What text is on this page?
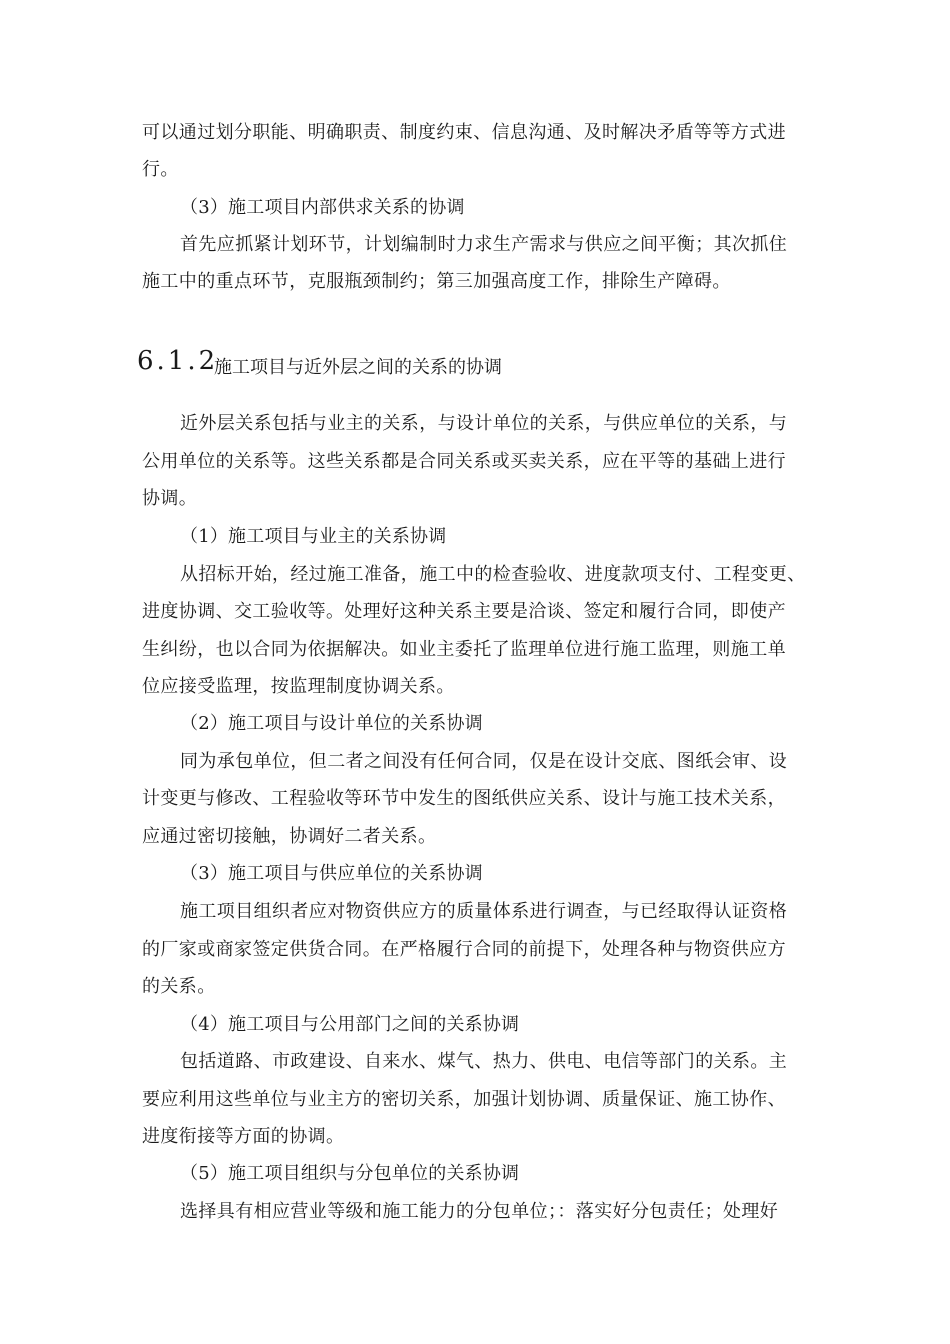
可以通过划分职能、明确职责、制度约束、信息沟通、及时解决矛盾等等方式进
行。
（3）施工项目内部供求关系的协调
首先应抓紧计划环节，计划编制时力求生产需求与供应之间平衡；其次抓住
施工中的重点环节，克服瓶颈制约；第三加强高度工作，排除生产障碍。
6.1.2
施工项目与近外层之间的关系的协调
近外层关系包括与业主的关系，与设计单位的关系，与供应单位的关系，与
公用单位的关系等。这些关系都是合同关系或买卖关系，应在平等的基础上进行
协调。
（1）施工项目与业主的关系协调
从招标开始，经过施工准备，施工中的检查验收、进度款项支付、工程变更、
进度协调、交工验收等。处理好这种关系主要是洽谈、签定和履行合同，即使产
生纠纷，也以合同为依据解决。如业主委托了监理单位进行施工监理，则施工单
位应接受监理，按监理制度协调关系。
（2）施工项目与设计单位的关系协调
同为承包单位，但二者之间没有任何合同，仅是在设计交底、图纸会审、设
计变更与修改、工程验收等环节中发生的图纸供应关系、设计与施工技术关系，
应通过密切接触，协调好二者关系。
（3）施工项目与供应单位的关系协调
施工项目组织者应对物资供应方的质量体系进行调查，与已经取得认证资格
的厂家或商家签定供货合同。在严格履行合同的前提下，处理各种与物资供应方
的关系。
（4）施工项目与公用部门之间的关系协调
包括道路、市政建设、自来水、煤气、热力、供电、电信等部门的关系。主
要应利用这些单位与业主方的密切关系，加强计划协调、质量保证、施工协作、
进度衔接等方面的协调。
（5）施工项目组织与分包单位的关系协调
选择具有相应营业等级和施工能力的分包单位；：落实好分包责任；处理好
